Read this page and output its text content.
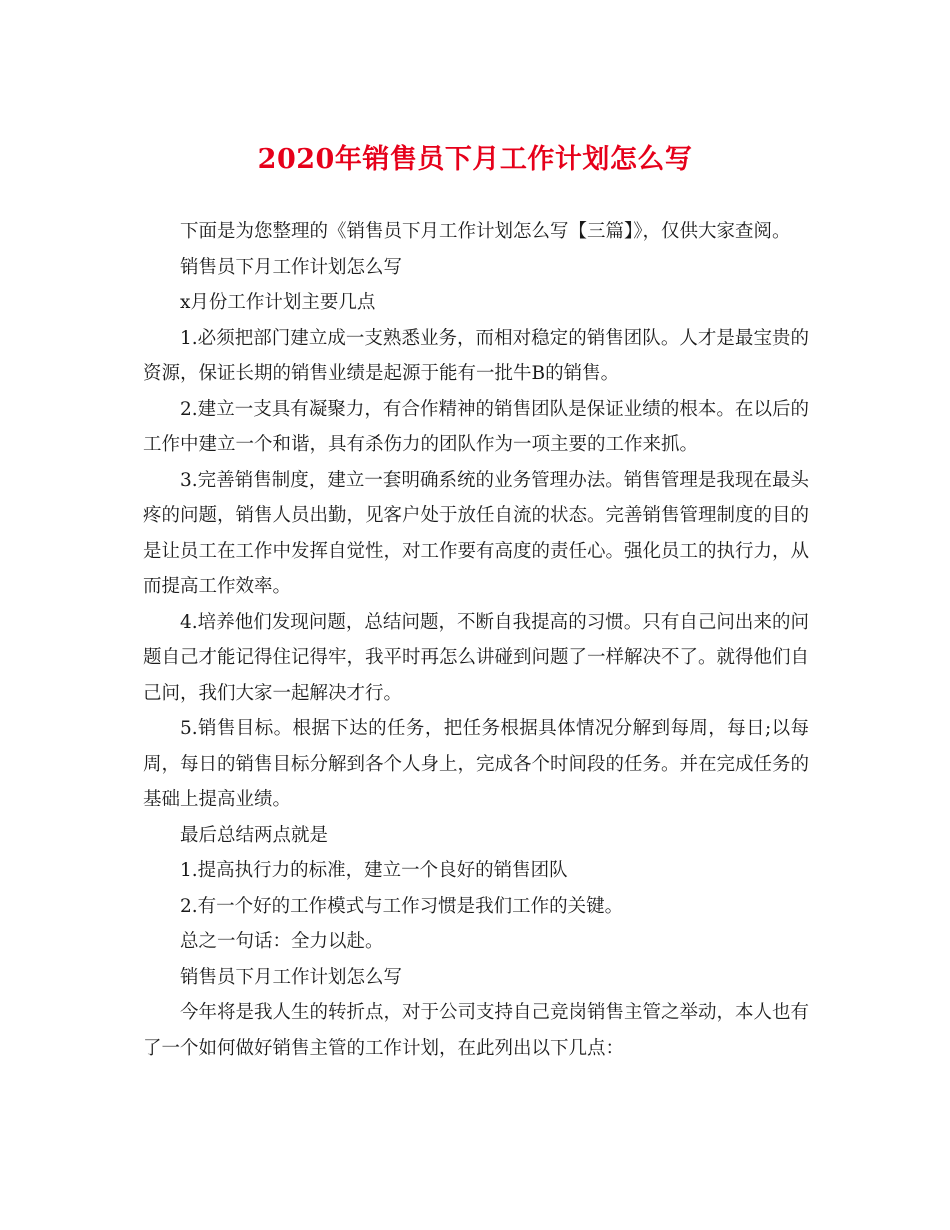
2020年销售员下月工作计划怎么写

下面是为您整理的《销售员下月工作计划怎么写【三篇】》，仅供大家查阅。

销售员下月工作计划怎么写

x月份工作计划主要几点

1.必须把部门建立成一支熟悉业务，而相对稳定的销售团队。人才是最宝贵的资源，保证长期的销售业绩是起源于能有一批牛B的销售。

2.建立一支具有凝聚力，有合作精神的销售团队是保证业绩的根本。在以后的工作中建立一个和谐，具有杀伤力的团队作为一项主要的工作来抓。

3.完善销售制度，建立一套明确系统的业务管理办法。销售管理是我现在最头疼的问题，销售人员出勤，见客户处于放任自流的状态。完善销售管理制度的目的是让员工在工作中发挥自觉性，对工作要有高度的责任心。强化员工的执行力，从而提高工作效率。

4.培养他们发现问题，总结问题，不断自我提高的习惯。只有自己问出来的问题自己才能记得住记得牢，我平时再怎么讲碰到问题了一样解决不了。就得他们自己问，我们大家一起解决才行。

5.销售目标。根据下达的任务，把任务根据具体情况分解到每周，每日;以每周，每日的销售目标分解到各个人身上，完成各个时间段的任务。并在完成任务的基础上提高业绩。

最后总结两点就是

1.提高执行力的标准，建立一个良好的销售团队

2.有一个好的工作模式与工作习惯是我们工作的关键。

总之一句话：全力以赴。

销售员下月工作计划怎么写

今年将是我人生的转折点，对于公司支持自己竞岗销售主管之举动，本人也有了一个如何做好销售主管的工作计划，在此列出以下几点：
